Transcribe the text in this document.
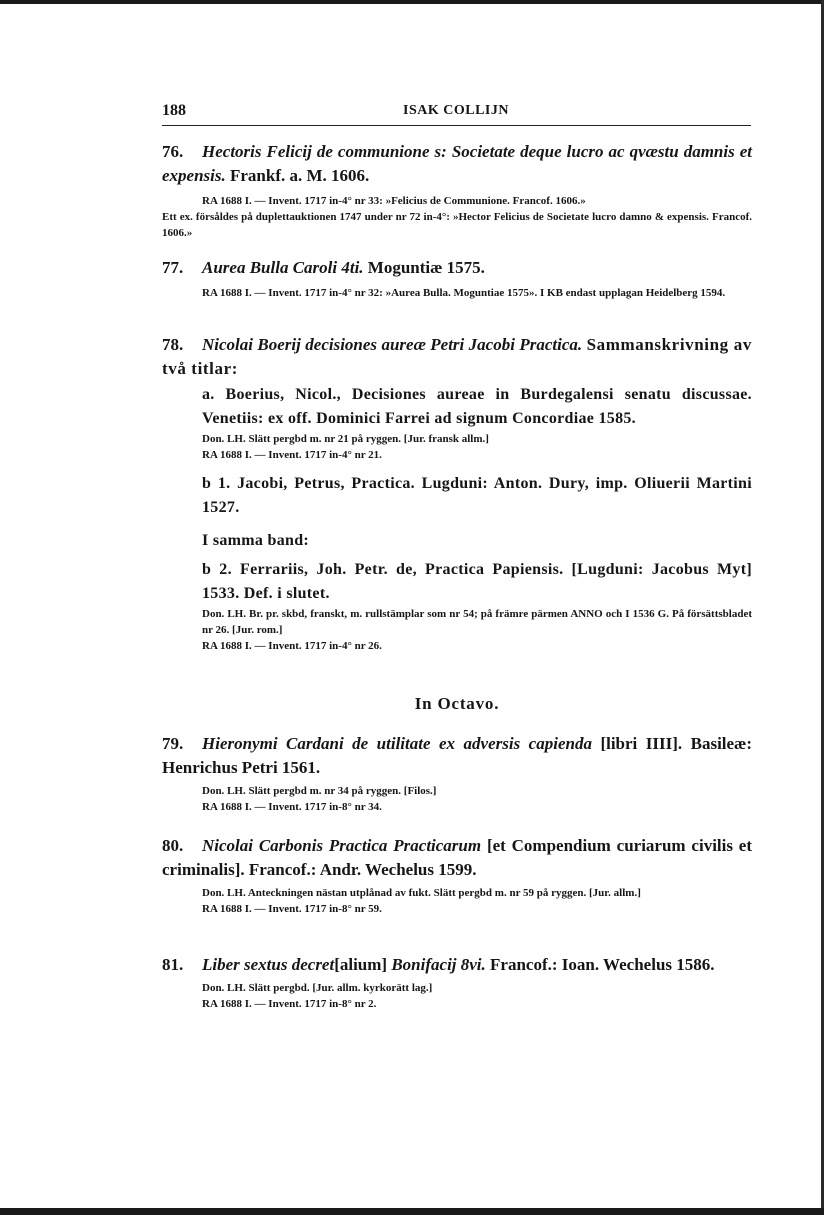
188	ISAK COLLIJN
76. Hectoris Felicij de communione s: Societate deque lucro ac qvæstu damnis et expensis. Frankf. a. M. 1606.
RA 1688 I. — Invent. 1717 in-4° nr 33: »Felicius de Communione. Francof. 1606.»
Ett ex. försåldes på duplettauktionen 1747 under nr 72 in-4°: »Hector Felicius de Societate lucro damno & expensis. Francof. 1606.»
77. Aurea Bulla Caroli 4ti. Moguntiæ 1575.
RA 1688 I. — Invent. 1717 in-4° nr 32: »Aurea Bulla. Moguntiae 1575». I KB endast upplagan Heidelberg 1594.
78. Nicolai Boerij decisiones aureæ Petri Jacobi Practica. Sammanskrivning av två titlar:
a. Boerius, Nicol., Decisiones aureae in Burdegalensi senatu discussae. Venetiis: ex off. Dominici Farrei ad signum Concordiae 1585.
Don. LH. Slätt pergbd m. nr 21 på ryggen. [Jur. fransk allm.]
RA 1688 I. — Invent. 1717 in-4° nr 21.
b 1. Jacobi, Petrus, Practica. Lugduni: Anton. Dury, imp. Oliuerii Martini 1527.
I samma band:
b 2. Ferrariis, Joh. Petr. de, Practica Papiensis. [Lugduni: Jacobus Myt] 1533. Def. i slutet.
Don. LH. Br. pr. skbd, franskt, m. rullstämplar som nr 54; på främre pärmen ANNO och I 1536 G. På försättsbladet nr 26. [Jur. rom.]
RA 1688 I. — Invent. 1717 in-4° nr 26.
In Octavo.
79. Hieronymi Cardani de utilitate ex adversis capienda [libri IIII]. Basileæ: Henrichus Petri 1561.
Don. LH. Slätt pergbd m. nr 34 på ryggen. [Filos.]
RA 1688 I. — Invent. 1717 in-8° nr 34.
80. Nicolai Carbonis Practica Practicarum [et Compendium curiarum civilis et criminalis]. Francof.: Andr. Wechelus 1599.
Don. LH. Anteckningen nästan utplånad av fukt. Slätt pergbd m. nr 59 på ryggen. [Jur. allm.]
RA 1688 I. — Invent. 1717 in-8° nr 59.
81. Liber sextus decret[alium] Bonifacij 8vi. Francof.: Ioan. Wechelus 1586.
Don. LH. Slätt pergbd. [Jur. allm. kyrkorätt lag.]
RA 1688 I. — Invent. 1717 in-8° nr 2.
